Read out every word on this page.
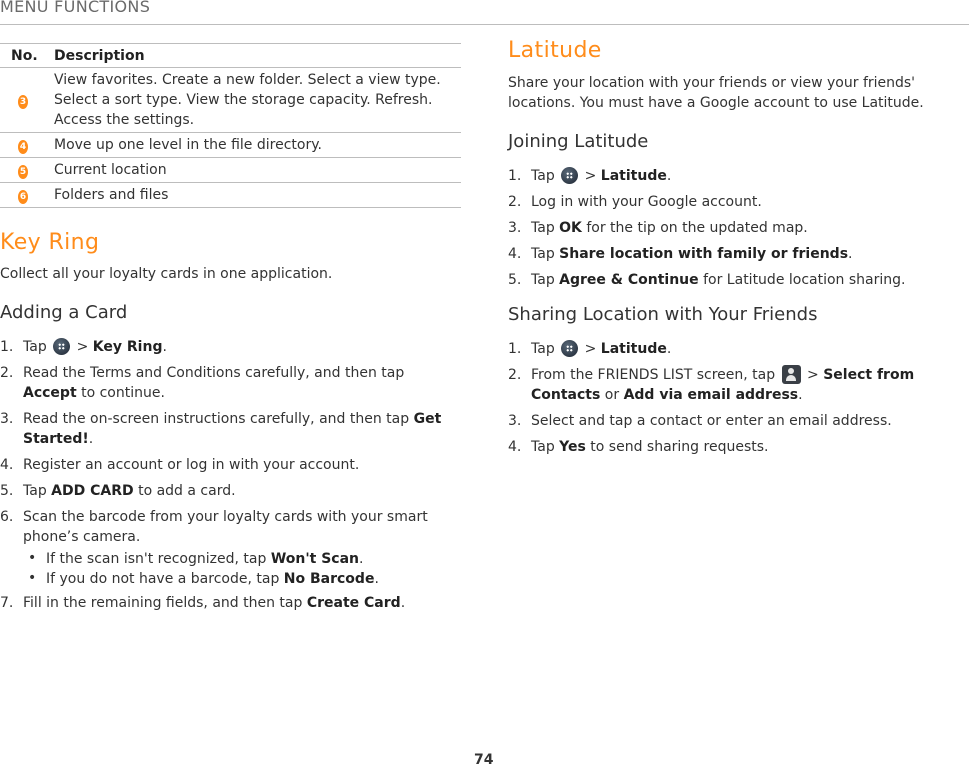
MENU FUNCTIONS
No.	Description
3	View favorites. Create a new folder. Select a view type. Select a sort type. View the storage capacity. Refresh. Access the settings.
4	Move up one level in the file directory.
5	Current location
6	Folders and files
Key Ring
Collect all your loyalty cards in one application.
Adding a Card
1. Tap > Key Ring.
2. Read the Terms and Conditions carefully, and then tap Accept to continue.
3. Read the on-screen instructions carefully, and then tap Get Started!.
4. Register an account or log in with your account.
5. Tap ADD CARD to add a card.
6. Scan the barcode from your loyalty cards with your smart phone’s camera.
• If the scan isn't recognized, tap Won't Scan.
• If you do not have a barcode, tap No Barcode.
7. Fill in the remaining fields, and then tap Create Card.
Latitude
Share your location with your friends or view your friends' locations. You must have a Google account to use Latitude.
Joining Latitude
1. Tap > Latitude.
2. Log in with your Google account.
3. Tap OK for the tip on the updated map.
4. Tap Share location with family or friends.
5. Tap Agree & Continue for Latitude location sharing.
Sharing Location with Your Friends
1. Tap > Latitude.
2. From the FRIENDS LIST screen, tap > Select from Contacts or Add via email address.
3. Select and tap a contact or enter an email address.
4. Tap Yes to send sharing requests.
74
